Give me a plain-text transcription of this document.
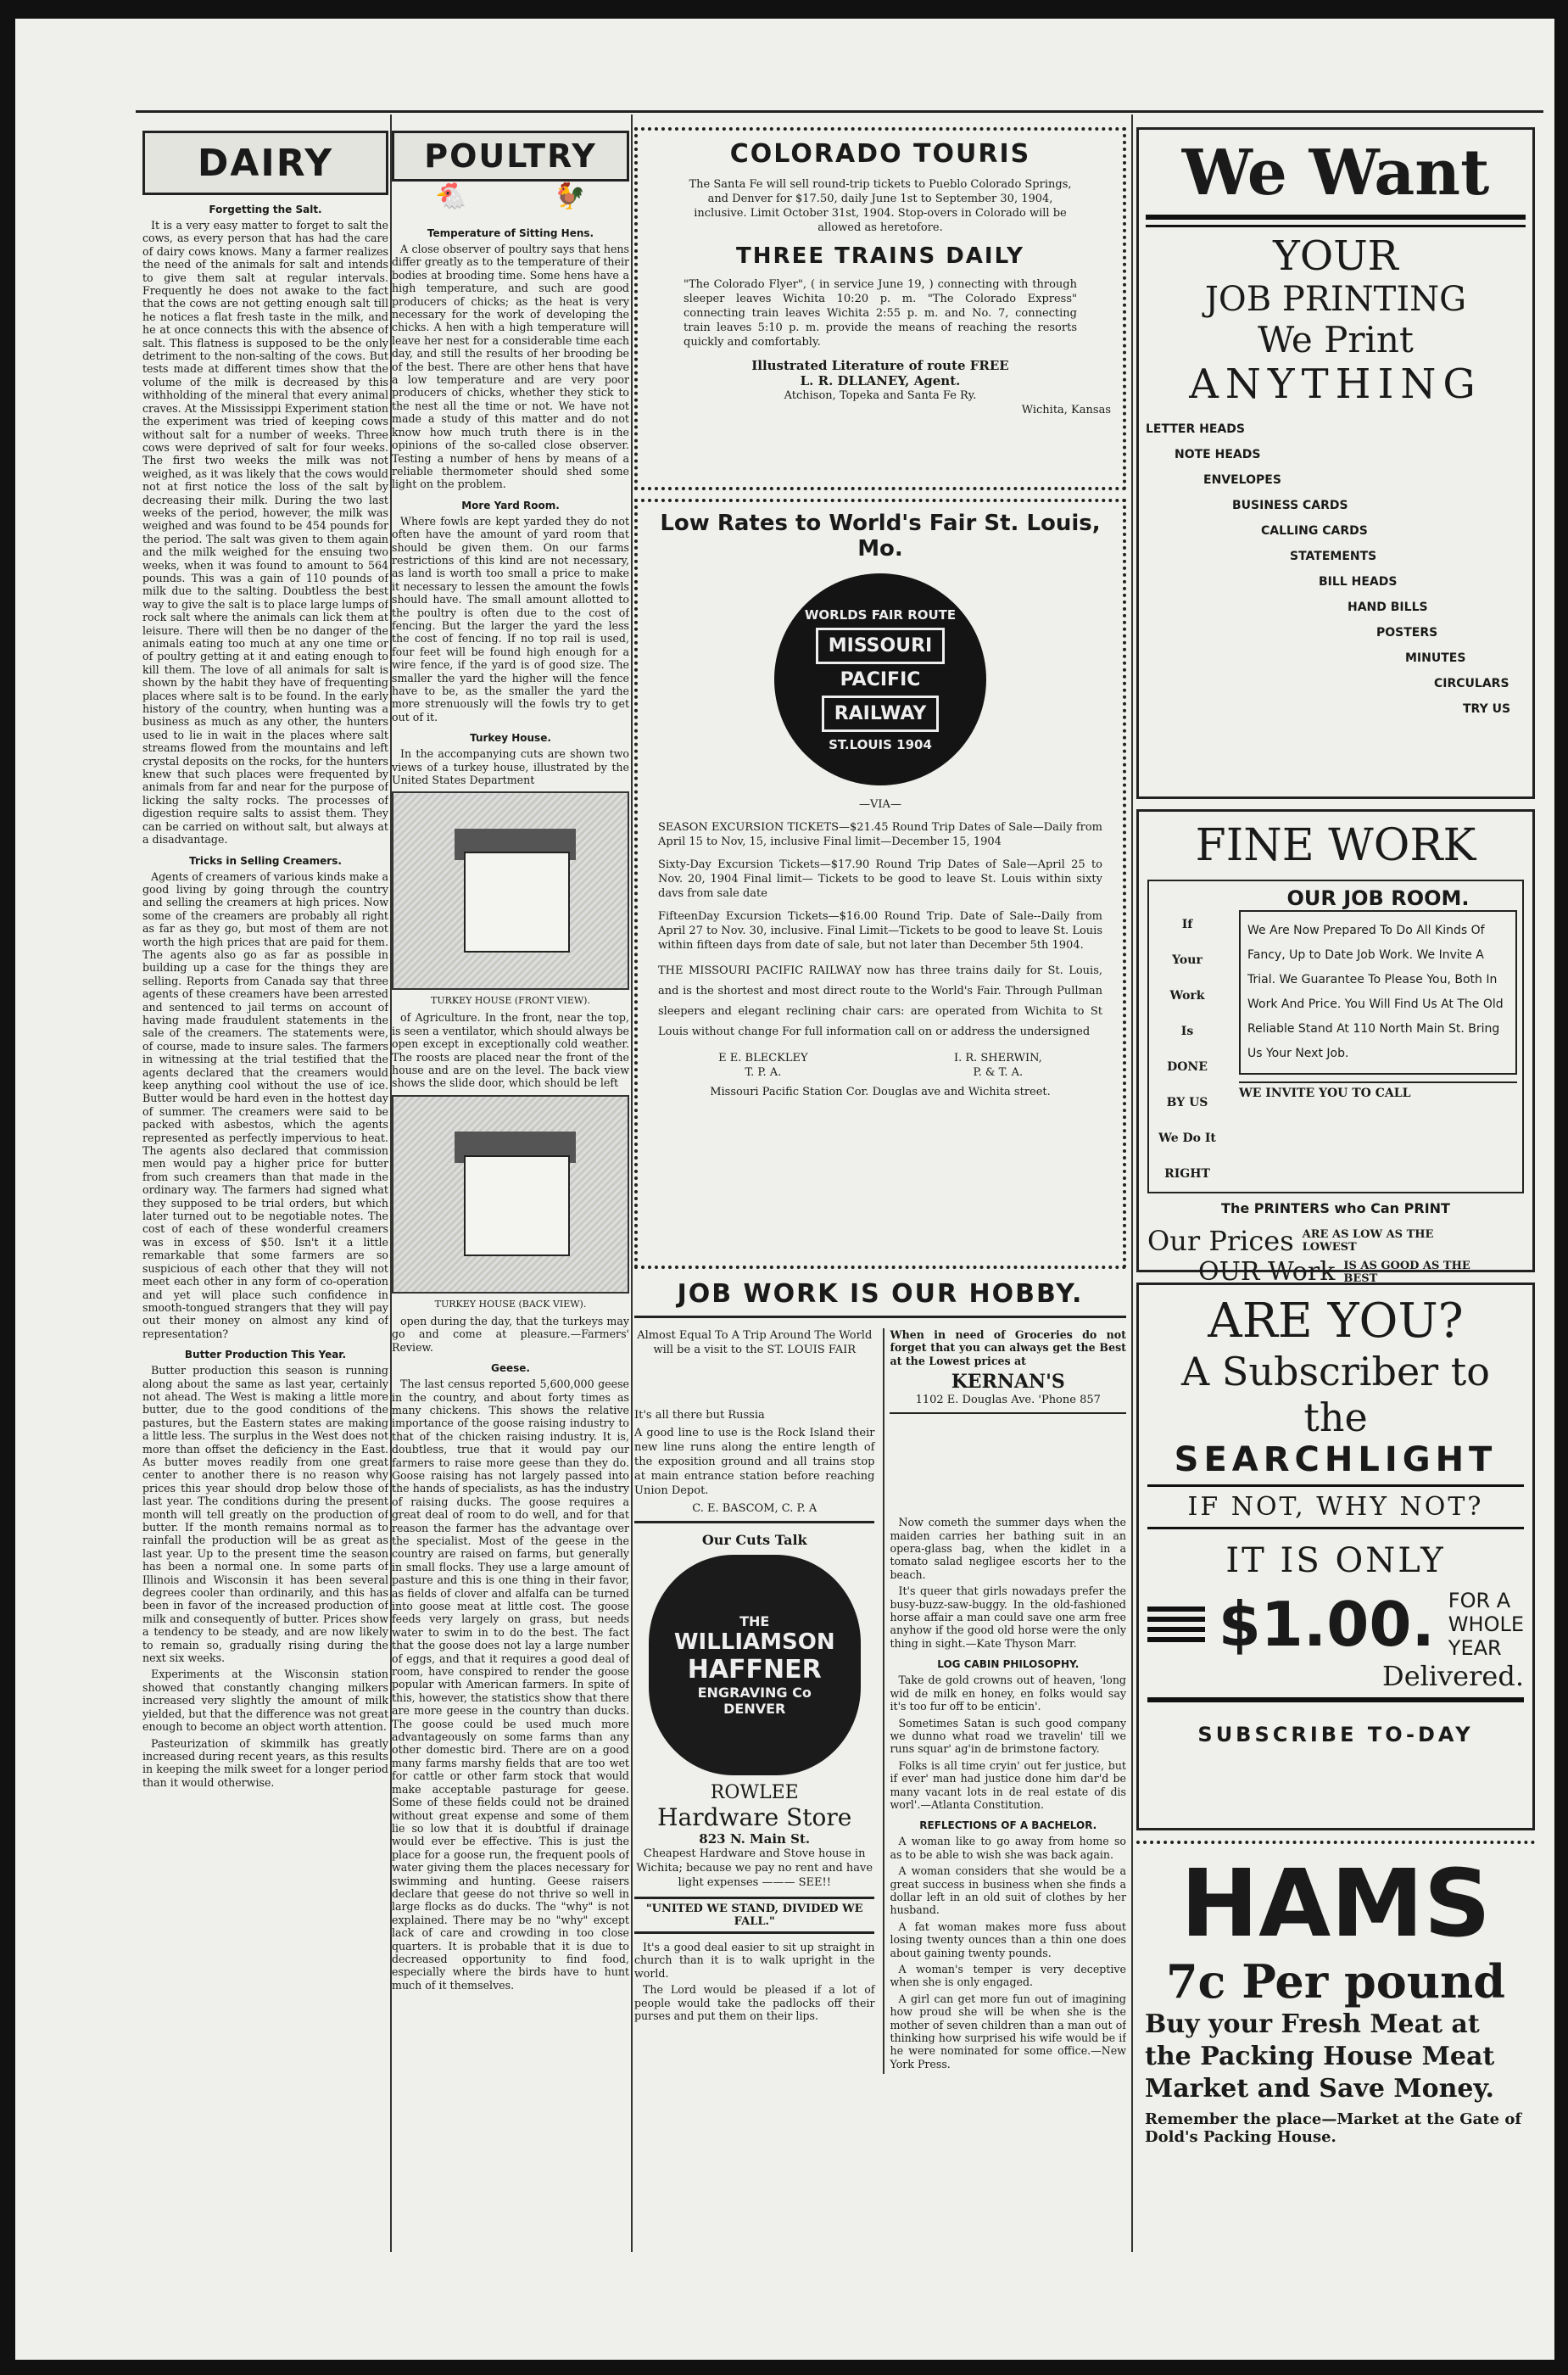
DAIRY
Forgetting the Salt.

It is a very easy matter to forget to salt the cows, as every person that has had the care of dairy cows knows. Many a farmer realizes the need of the animals for salt and intends to give them salt at regular intervals. Frequently he does not awake to the fact that the cows are not getting enough salt till he notices a flat fresh taste in the milk, and he at once connects this with the absence of salt. This flatness is supposed to be the only detriment to the non-salting of the cows. But tests made at different times show that the volume of the milk is decreased by this withholding of the mineral that every animal craves. At the Mississippi Experiment station the experiment was tried of keeping cows without salt for a number of weeks. Three cows were deprived of salt for four weeks. The first two weeks the milk was not weighed, as it was likely that the cows would not at first notice the loss of the salt by decreasing their milk. During the two last weeks of the period, however, the milk was weighed and was found to be 454 pounds for the period. The salt was given to them again and the milk weighed for the ensuing two weeks, when it was found to amount to 564 pounds. This was a gain of 110 pounds of milk due to the salting. Doubtless the best way to give the salt is to place large lumps of rock salt where the animals can lick them at leisure. There will then be no danger of the animals eating too much at any one time or of poultry getting at it and eating enough to kill them. The love of all animals for salt is shown by the habit they have of frequenting places where salt is to be found. In the early history of the country, when hunting was a business as much as any other, the hunters used to lie in wait in the places where salt streams flowed from the mountains and left crystal deposits on the rocks, for the hunters knew that such places were frequented by animals from far and near for the purpose of licking the salty rocks. The processes of digestion require salts to assist them. They can be carried on without salt, but always at a disadvantage.

Tricks in Selling Creamers.

Agents of creamers of various kinds make a good living by going through the country and selling the creamers at high prices. Now some of the creamers are probably all right as far as they go, but most of them are not worth the high prices that are paid for them. The agents also go as far as possible in building up a case for the things they are selling. Reports from Canada say that three agents of these creamers have been arrested and sentenced to jail terms on account of having made fraudulent statements in the sale of the creamers. The statements were, of course, made to insure sales. The farmers in witnessing at the trial testified that the agents declared that the creamers would keep anything cool without the use of ice. Butter would be hard even in the hottest day of summer. The creamers were said to be packed with asbestos, which the agents represented as perfectly impervious to heat. The agents also declared that commission men would pay a higher price for butter from such creamers than that made in the ordinary way. The farmers had signed what they supposed to be trial orders, but which later turned out to be negotiable notes. The cost of each of these wonderful creamers was in excess of $50. Isn't it a little remarkable that some farmers are so suspicious of each other that they will not meet each other in any form of co-operation and yet will place such confidence in smooth-tongued strangers that they will pay out their money on almost any kind of representation?

Butter Production This Year.

Butter production this season is running along about the same as last year, certainly not ahead. The West is making a little more butter, due to the good conditions of the pastures, but the Eastern states are making a little less. The surplus in the West does not more than offset the deficiency in the East. As butter moves readily from one great center to another there is no reason why prices this year should drop below those of last year. The conditions during the present month will tell greatly on the production of butter. If the month remains normal as to rainfall the production will be as great as last year. Up to the present time the season has been a normal one. In some parts of Illinois and Wisconsin it has been several degrees cooler than ordinarily, and this has been in favor of the increased production of milk and consequently of butter. Prices show a tendency to be steady, and are now likely to remain so, gradually rising during the next six weeks.

Experiments at the Wisconsin station showed that constantly changing milkers increased very slightly the amount of milk yielded, but that the difference was not great enough to become an object worth attention.

Pasteurization of skimmilk has greatly increased during recent years, as this results in keeping the milk sweet for a longer period than it would otherwise.

POULTRY
🐔	🐓
Temperature of Sitting Hens.

A close observer of poultry says that hens differ greatly as to the temperature of their bodies at brooding time. Some hens have a high temperature, and such are good producers of chicks; as the heat is very necessary for the work of developing the chicks. A hen with a high temperature will leave her nest for a considerable time each day, and still the results of her brooding be of the best. There are other hens that have a low temperature and are very poor producers of chicks, whether they stick to the nest all the time or not. We have not made a study of this matter and do not know how much truth there is in the opinions of the so-called close observer. Testing a number of hens by means of a reliable thermometer should shed some light on the problem.

More Yard Room.

Where fowls are kept yarded they do not often have the amount of yard room that should be given them. On our farms restrictions of this kind are not necessary, as land is worth too small a price to make it necessary to lessen the amount the fowls should have. The small amount allotted to the poultry is often due to the cost of fencing. But the larger the yard the less the cost of fencing. If no top rail is used, four feet will be found high enough for a wire fence, if the yard is of good size. The smaller the yard the higher will the fence have to be, as the smaller the yard the more strenuously will the fowls try to get out of it.

Turkey House.

In the accompanying cuts are shown two views of a turkey house, illustrated by the United States Department

TURKEY HOUSE (FRONT VIEW).

of Agriculture. In the front, near the top, is seen a ventilator, which should always be open except in exceptionally cold weather. The roosts are placed near the front of the house and are on the level. The back view shows the slide door, which should be left

TURKEY HOUSE (BACK VIEW).

open during the day, that the turkeys may go and come at pleasure.—Farmers' Review.

Geese.

The last census reported 5,600,000 geese in the country, and about forty times as many chickens. This shows the relative importance of the goose raising industry to that of the chicken raising industry. It is, doubtless, true that it would pay our farmers to raise more geese than they do. Goose raising has not largely passed into the hands of specialists, as has the industry of raising ducks. The goose requires a great deal of room to do well, and for that reason the farmer has the advantage over the specialist. Most of the geese in the country are raised on farms, but generally in small flocks. They use a large amount of pasture and this is one thing in their favor, as fields of clover and alfalfa can be turned into goose meat at little cost. The goose feeds very largely on grass, but needs water to swim in to do the best. The fact that the goose does not lay a large number of eggs, and that it requires a good deal of room, have conspired to render the goose popular with American farmers. In spite of this, however, the statistics show that there are more geese in the country than ducks. The goose could be used much more advantageously on some farms than any other domestic bird. There are on a good many farms marshy fields that are too wet for cattle or other farm stock that would make acceptable pasturage for geese. Some of these fields could not be drained without great expense and some of them lie so low that it is doubtful if drainage would ever be effective. This is just the place for a goose run, the frequent pools of water giving them the places necessary for swimming and hunting. Geese raisers declare that geese do not thrive so well in large flocks as do ducks. The "why" is not explained. There may be no "why" except lack of care and crowding in too close quarters. It is probable that it is due to decreased opportunity to find food, especially where the birds have to hunt much of it themselves.

COLORADO TOURIS

The Santa Fe will sell round-trip tickets to Pueblo Colorado Springs, and Denver for $17.50, daily June 1st to September 30, 1904, inclusive. Limit October 31st, 1904. Stop-overs in Colorado will be allowed as heretofore.

THREE TRAINS DAILY

"The Colorado Flyer", ( in service June 19, ) connecting with through sleeper leaves Wichita 10:20 p. m. "The Colorado Express" connecting train leaves Wichita 2:55 p. m. and No. 7, connecting train leaves 5:10 p. m. provide the means of reaching the resorts quickly and comfortably.

Illustrated Literature of route FREE
L. R. DLLANEY, Agent.
Atchison, Topeka and Santa Fe Ry.
Wichita, Kansas
Low Rates to World's Fair St. Louis, Mo.
WORLDS FAIR ROUTE
MISSOURI
PACIFIC
RAILWAY
ST.LOUIS 1904
—VIA—

SEASON EXCURSION TICKETS—$21.45 Round Trip Dates of Sale—Daily from April 15 to Nov, 15, inclusive Final limit—December 15, 1904

Sixty-Day Excursion Tickets—$17.90 Round Trip Dates of Sale—April 25 to Nov. 20, 1904 Final limit— Tickets to be good to leave St. Louis within sixty davs from sale date

FifteenDay Excursion Tickets—$16.00 Round Trip. Date of Sale--Daily from April 27 to Nov. 30, inclusive. Final Limit—Tickets to be good to leave St. Louis within fifteen days from date of sale, but not later than December 5th 1904.

THE MISSOURI PACIFIC RAILWAY now has three trains daily for St. Louis, and is the shortest and most direct route to the World's Fair. Through Pullman sleepers and elegant reclining chair cars: are operated from Wichita to St Louis without change For full information call on or address the undersigned

E E. BLECKLEY
T. P. A.
I. R. SHERWIN,
P. & T. A.
Missouri Pacific Station Cor. Douglas ave and Wichita street.
JOB WORK IS OUR HOBBY.

Almost Equal To A Trip Around The World will be a visit to the ST. LOUIS FAIR

It's all there but Russia

A good line to use is the Rock Island their new line runs along the entire length of the exposition ground and all trains stop at main entrance station before reaching Union Depot.

C. E. BASCOM, C. P. A
Our Cuts Talk
THE
WILLIAMSON
HAFFNER
ENGRAVING Co
DENVER
ROWLEE
Hardware Store
823 N. Main St.

Cheapest Hardware and Stove house in Wichita; because we pay no rent and have light expenses ——— SEE!!

"UNITED WE STAND, DIVIDED WE FALL."

It's a good deal easier to sit up straight in church than it is to walk upright in the world.

The Lord would be pleased if a lot of people would take the padlocks off their purses and put them on their lips.

When in need of Groceries do not forget that you can always get the Best at the Lowest prices at

KERNAN'S
1102 E. Douglas Ave. 'Phone 857

Now cometh the summer days when the maiden carries her bathing suit in an opera-glass bag, when the kidlet in a tomato salad negligee escorts her to the beach.

It's queer that girls nowadays prefer the busy-buzz-saw-buggy. In the old-fashioned horse affair a man could save one arm free anyhow if the good old horse were the only thing in sight.—Kate Thyson Marr.

LOG CABIN PHILOSOPHY.

Take de gold crowns out of heaven, 'long wid de milk en honey, en folks would say it's too fur off to be enticin'.

Sometimes Satan is such good company we dunno what road we travelin' till we runs squar' ag'in de brimstone factory.

Folks is all time cryin' out fer justice, but if ever' man had justice done him dar'd be many vacant lots in de real estate of dis worl'.—Atlanta Constitution.

REFLECTIONS OF A BACHELOR.

A woman like to go away from home so as to be able to wish she was back again.

A woman considers that she would be a great success in business when she finds a dollar left in an old suit of clothes by her husband.

A fat woman makes more fuss about losing twenty ounces than a thin one does about gaining twenty pounds.

A woman's temper is very deceptive when she is only engaged.

A girl can get more fun out of imagining how proud she will be when she is the mother of seven children than a man out of thinking how surprised his wife would be if he were nominated for some office.—New York Press.

We Want
YOUR
JOB PRINTING
We Print
ANYTHING
LETTER HEADS
NOTE HEADS
ENVELOPES
BUSINESS CARDS
CALLING CARDS
STATEMENTS
BILL HEADS
HAND BILLS
POSTERS
MINUTES
CIRCULARS
TRY US
FINE WORK
If
Your
Work
Is
DONE
BY US
We Do It
RIGHT
OUR JOB ROOM.
We Are Now Prepared To Do All Kinds Of Fancy, Up to Date Job Work. We Invite A Trial. We Guarantee To Please You, Both In Work And Price. You Will Find Us At The Old Reliable Stand At 110 North Main St. Bring Us Your Next Job.
WE INVITE YOU TO CALL
The PRINTERS who Can PRINT
Our Prices ARE AS LOW AS THE LOWEST
OUR Work IS AS GOOD AS THE BEST
ARE YOU?
A Subscriber to the
SEARCHLIGHT
IF NOT, WHY NOT?
IT IS ONLY
$1.00. FOR A WHOLE YEAR
Delivered.
SUBSCRIBE TO-DAY
HAMS
7c Per pound
Buy your Fresh Meat at the Packing House Meat Market and Save Money.
Remember the place—Market at the Gate of Dold's Packing House.
